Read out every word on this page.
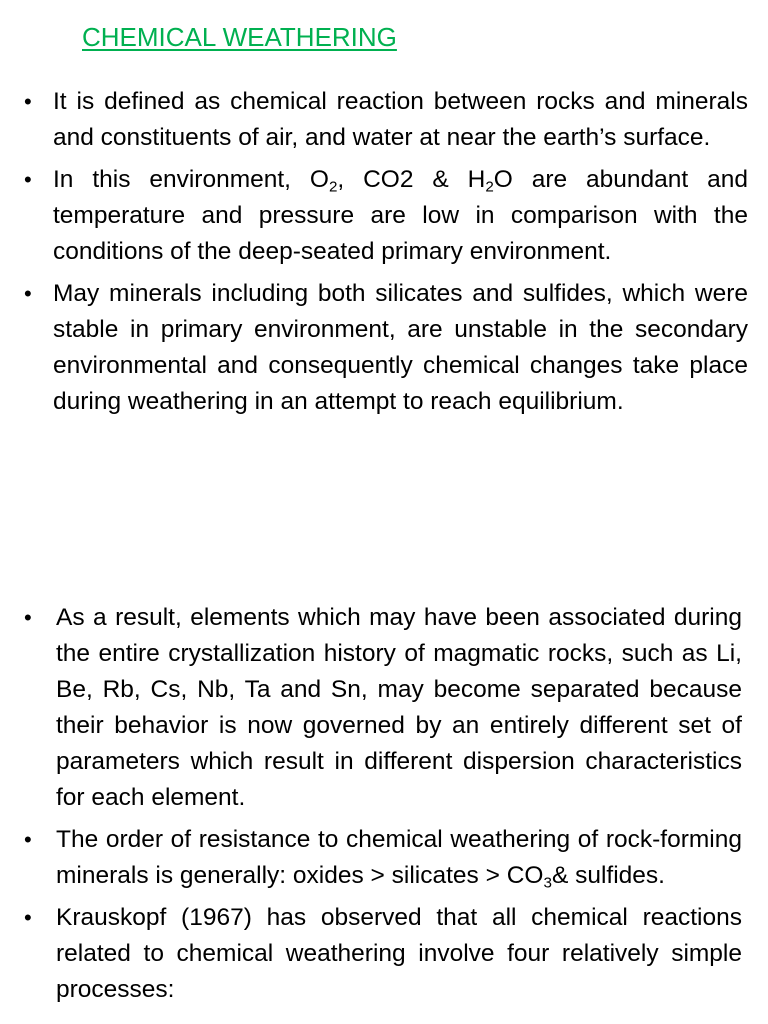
CHEMICAL WEATHERING
• It is defined as chemical reaction between rocks and minerals and constituents of air, and water at near the earth’s surface.
• In this environment, $O_2$, CO2 & $H_2O$ are abundant and temperature and pressure are low in comparison with the conditions of the deep-seated primary environment.
• May minerals including both silicates and sulfides, which were stable in primary environment, are unstable in the secondary environmental and consequently chemical changes take place during weathering in an attempt to reach equilibrium.
• As a result, elements which may have been associated during the entire crystallization history of magmatic rocks, such as Li, Be, Rb, Cs, Nb, Ta and Sn, may become separated because their behavior is now governed by an entirely different set of parameters which result in different dispersion characteristics for each element.
• The order of resistance to chemical weathering of rock-forming minerals is generally: oxides > silicates > $CO_3\&$ sulfides.
• Krauskopf (1967) has observed that all chemical reactions related to chemical weathering involve four relatively simple processes:
